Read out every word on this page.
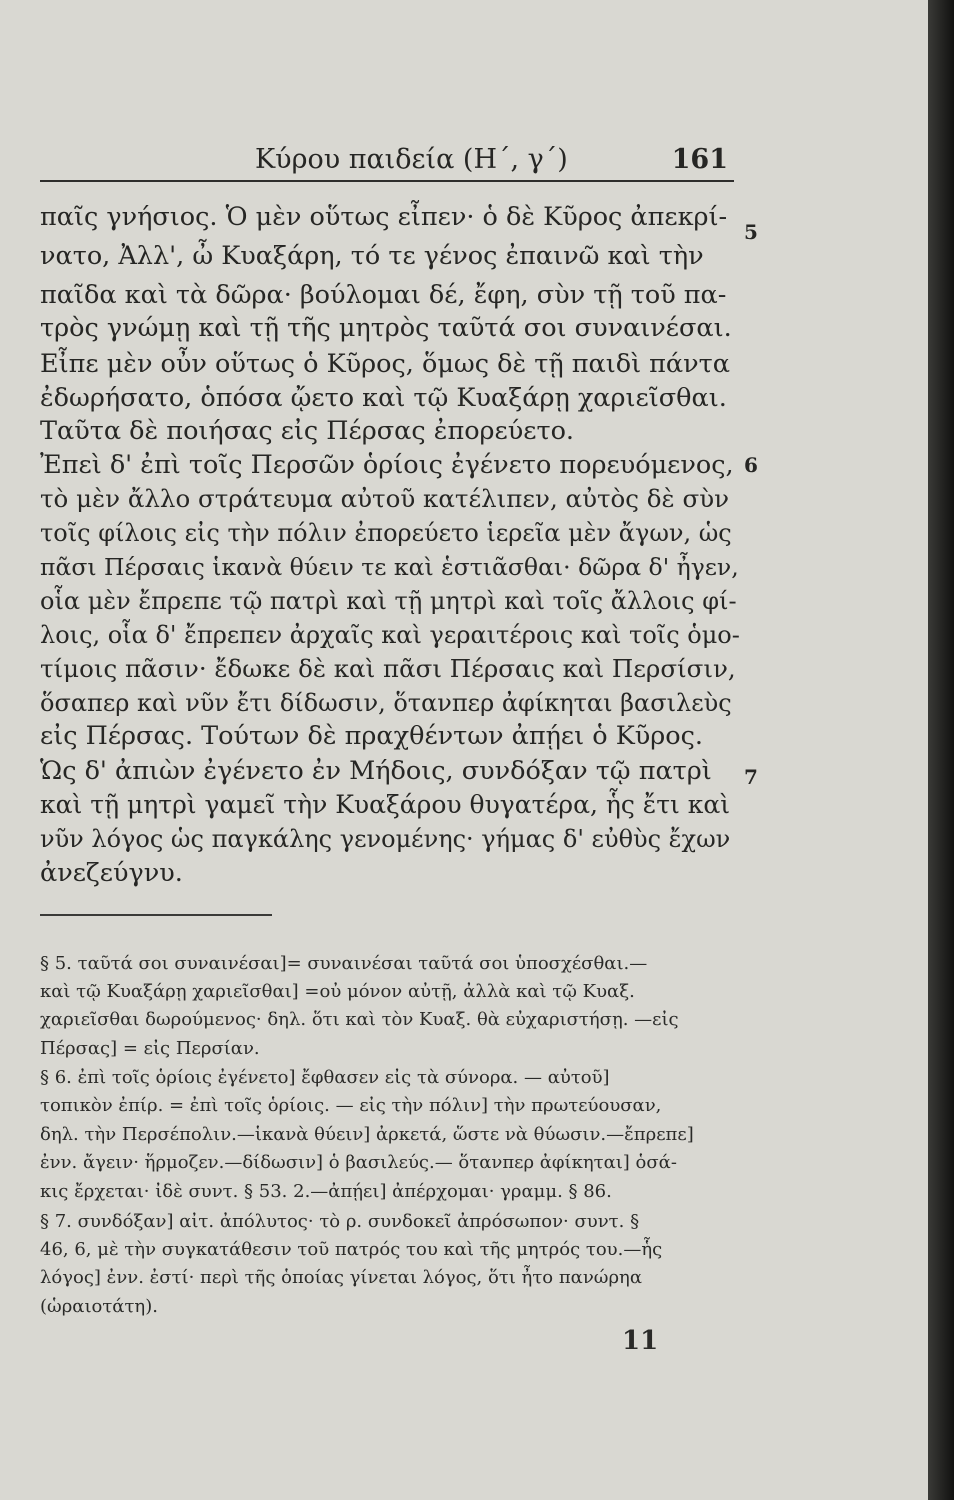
Κύρου παιδεία (Η΄, γ΄)	161
παῖς γνήσιος. Ὁ μὲν οὕτως εἶπεν· ὁ δὲ Κῦρος ἀπεκρί-
νατο, Ἀλλ', ὦ Κυαξάρη, τό τε γένος ἐπαινῶ καὶ τὴν
παῖδα καὶ τὰ δῶρα· βούλομαι δέ, ἔφη, σὺν τῇ τοῦ πα-
τρὸς γνώμῃ καὶ τῇ τῆς μητρὸς ταῦτά σοι συναινέσαι.
Εἶπε μὲν οὖν οὕτως ὁ Κῦρος, ὅμως δὲ τῇ παιδὶ πάντα
ἐδωρήσατο, ὁπόσα ᾤετο καὶ τῷ Κυαξάρῃ χαριεῖσθαι.
Ταῦτα δὲ ποιήσας εἰς Πέρσας ἐπορεύετο.
Ἐπεὶ δ' ἐπὶ τοῖς Περσῶν ὁρίοις ἐγένετο πορευόμενος,
τὸ μὲν ἄλλο στράτευμα αὐτοῦ κατέλιπεν, αὐτὸς δὲ σὺν
τοῖς φίλοις εἰς τὴν πόλιν ἐπορεύετο ἱερεῖα μὲν ἄγων, ὡς
πᾶσι Πέρσαις ἱκανὰ θύειν τε καὶ ἑστιᾶσθαι· δῶρα δ' ἦγεν,
οἷα μὲν ἔπρεπε τῷ πατρὶ καὶ τῇ μητρὶ καὶ τοῖς ἄλλοις φί-
λοις, οἷα δ' ἔπρεπεν ἀρχαῖς καὶ γεραιτέροις καὶ τοῖς ὁμο-
τίμοις πᾶσιν· ἔδωκε δὲ καὶ πᾶσι Πέρσαις καὶ Περσίσιν,
ὅσαπερ καὶ νῦν ἔτι δίδωσιν, ὅτανπερ ἀφίκηται βασιλεὺς
εἰς Πέρσας. Τούτων δὲ πραχθέντων ἀπῄει ὁ Κῦρος.
Ὡς δ' ἀπιὼν ἐγένετο ἐν Μήδοις, συνδόξαν τῷ πατρὶ
καὶ τῇ μητρὶ γαμεῖ τὴν Κυαξάρου θυγατέρα, ἧς ἔτι καὶ
νῦν λόγος ὡς παγκάλης γενομένης· γήμας δ' εὐθὺς ἔχων
ἀνεζεύγνυ.
5
6
7
§ 5. ταῦτά σοι συναινέσαι]= συναινέσαι ταῦτά σοι ὑποσχέσθαι.—
καὶ τῷ Κυαξάρῃ χαριεῖσθαι] =οὐ μόνον αὐτῇ, ἀλλὰ καὶ τῷ Κυαξ.
χαριεῖσθαι δωρούμενος· δηλ. ὅτι καὶ τὸν Κυαξ. θὰ εὐχαριστήσῃ. —εἰς
Πέρσας] = εἰς Περσίαν.
§ 6. ἐπὶ τοῖς ὁρίοις ἐγένετο] ἔφθασεν εἰς τὰ σύνορα. — αὐτοῦ]
τοπικὸν ἐπίρ. = ἐπὶ τοῖς ὁρίοις. — εἰς τὴν πόλιν] τὴν πρωτεύουσαν,
δηλ. τὴν Περσέπολιν.—ἱκανὰ θύειν] ἀρκετά, ὥστε νὰ θύωσιν.—ἔπρεπε]
ἐνν. ἄγειν· ἥρμοζεν.—δίδωσιν] ὁ βασιλεύς.— ὅτανπερ ἀφίκηται] ὁσά-
κις ἔρχεται· ἰδὲ συντ. § 53. 2.—ἀπῄει] ἀπέρχομαι· γραμμ. § 86.
§ 7. συνδόξαν] αἰτ. ἀπόλυτος· τὸ ρ. συνδοκεῖ ἀπρόσωπον· συντ. §
46, 6, μὲ τὴν συγκατάθεσιν τοῦ πατρός του καὶ τῆς μητρός του.—ἧς
λόγος] ἐνν. ἐστί· περὶ τῆς ὁποίας γίνεται λόγος, ὅτι ἦτο πανώρηα
(ὡραιοτάτη).
11
